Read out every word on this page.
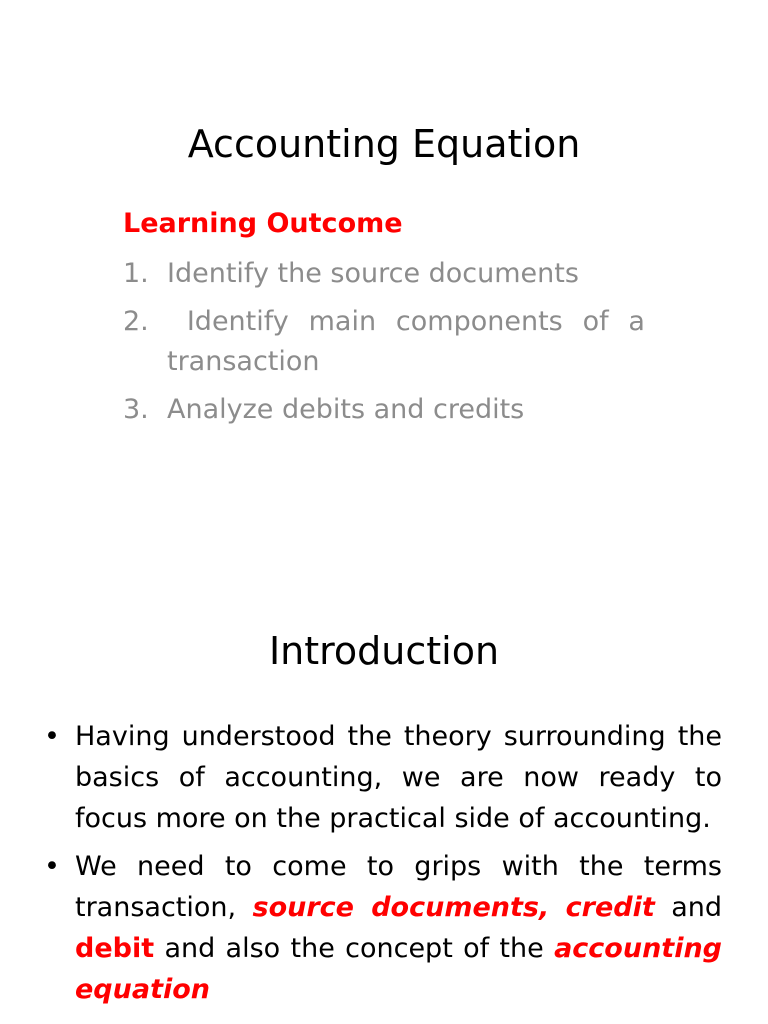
Accounting Equation
Learning Outcome
1. Identify the source documents
2. Identify main components of a transaction
3. Analyze debits and credits
Introduction
• Having understood the theory surrounding the basics of accounting, we are now ready to focus more on the practical side of accounting.
• We need to come to grips with the terms transaction, source documents, credit and debit and also the concept of the accounting equation
